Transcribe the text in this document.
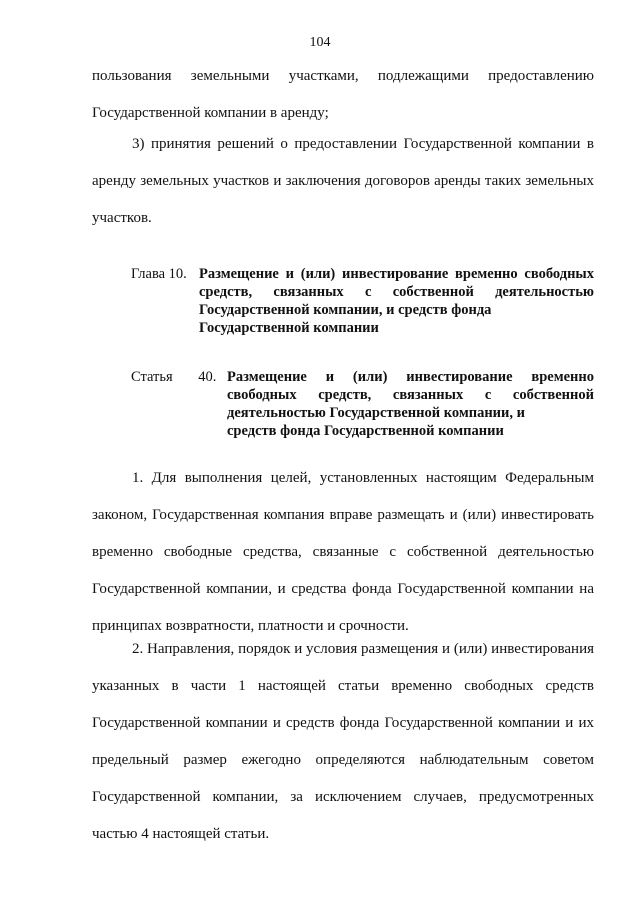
104
пользования земельными участками, подлежащими предоставлению
Государственной компании в аренду;
3) принятия решений о предоставлении Государственной компании в аренду земельных участков и заключения договоров аренды таких земельных участков.
Глава 10. Размещение и (или) инвестирование временно свободных средств, связанных с собственной деятельностью Государственной компании, и средств фонда
Государственной компании
Статья 40. Размещение и (или) инвестирование временно свободных средств, связанных с собственной деятельностью Государственной компании, и
средств фонда Государственной компании
1. Для выполнения целей, установленных настоящим Федеральным законом, Государственная компания вправе размещать и (или) инвестировать временно свободные средства, связанные с собственной деятельностью Государственной компании, и средства фонда Государственной компании на принципах возвратности, платности и срочности.
2. Направления, порядок и условия размещения и (или) инвестирования указанных в части 1 настоящей статьи временно свободных средств Государственной компании и средств фонда Государственной компании и их предельный размер ежегодно определяются наблюдательным советом Государственной компании, за исключением случаев, предусмотренных частью 4 настоящей статьи.
